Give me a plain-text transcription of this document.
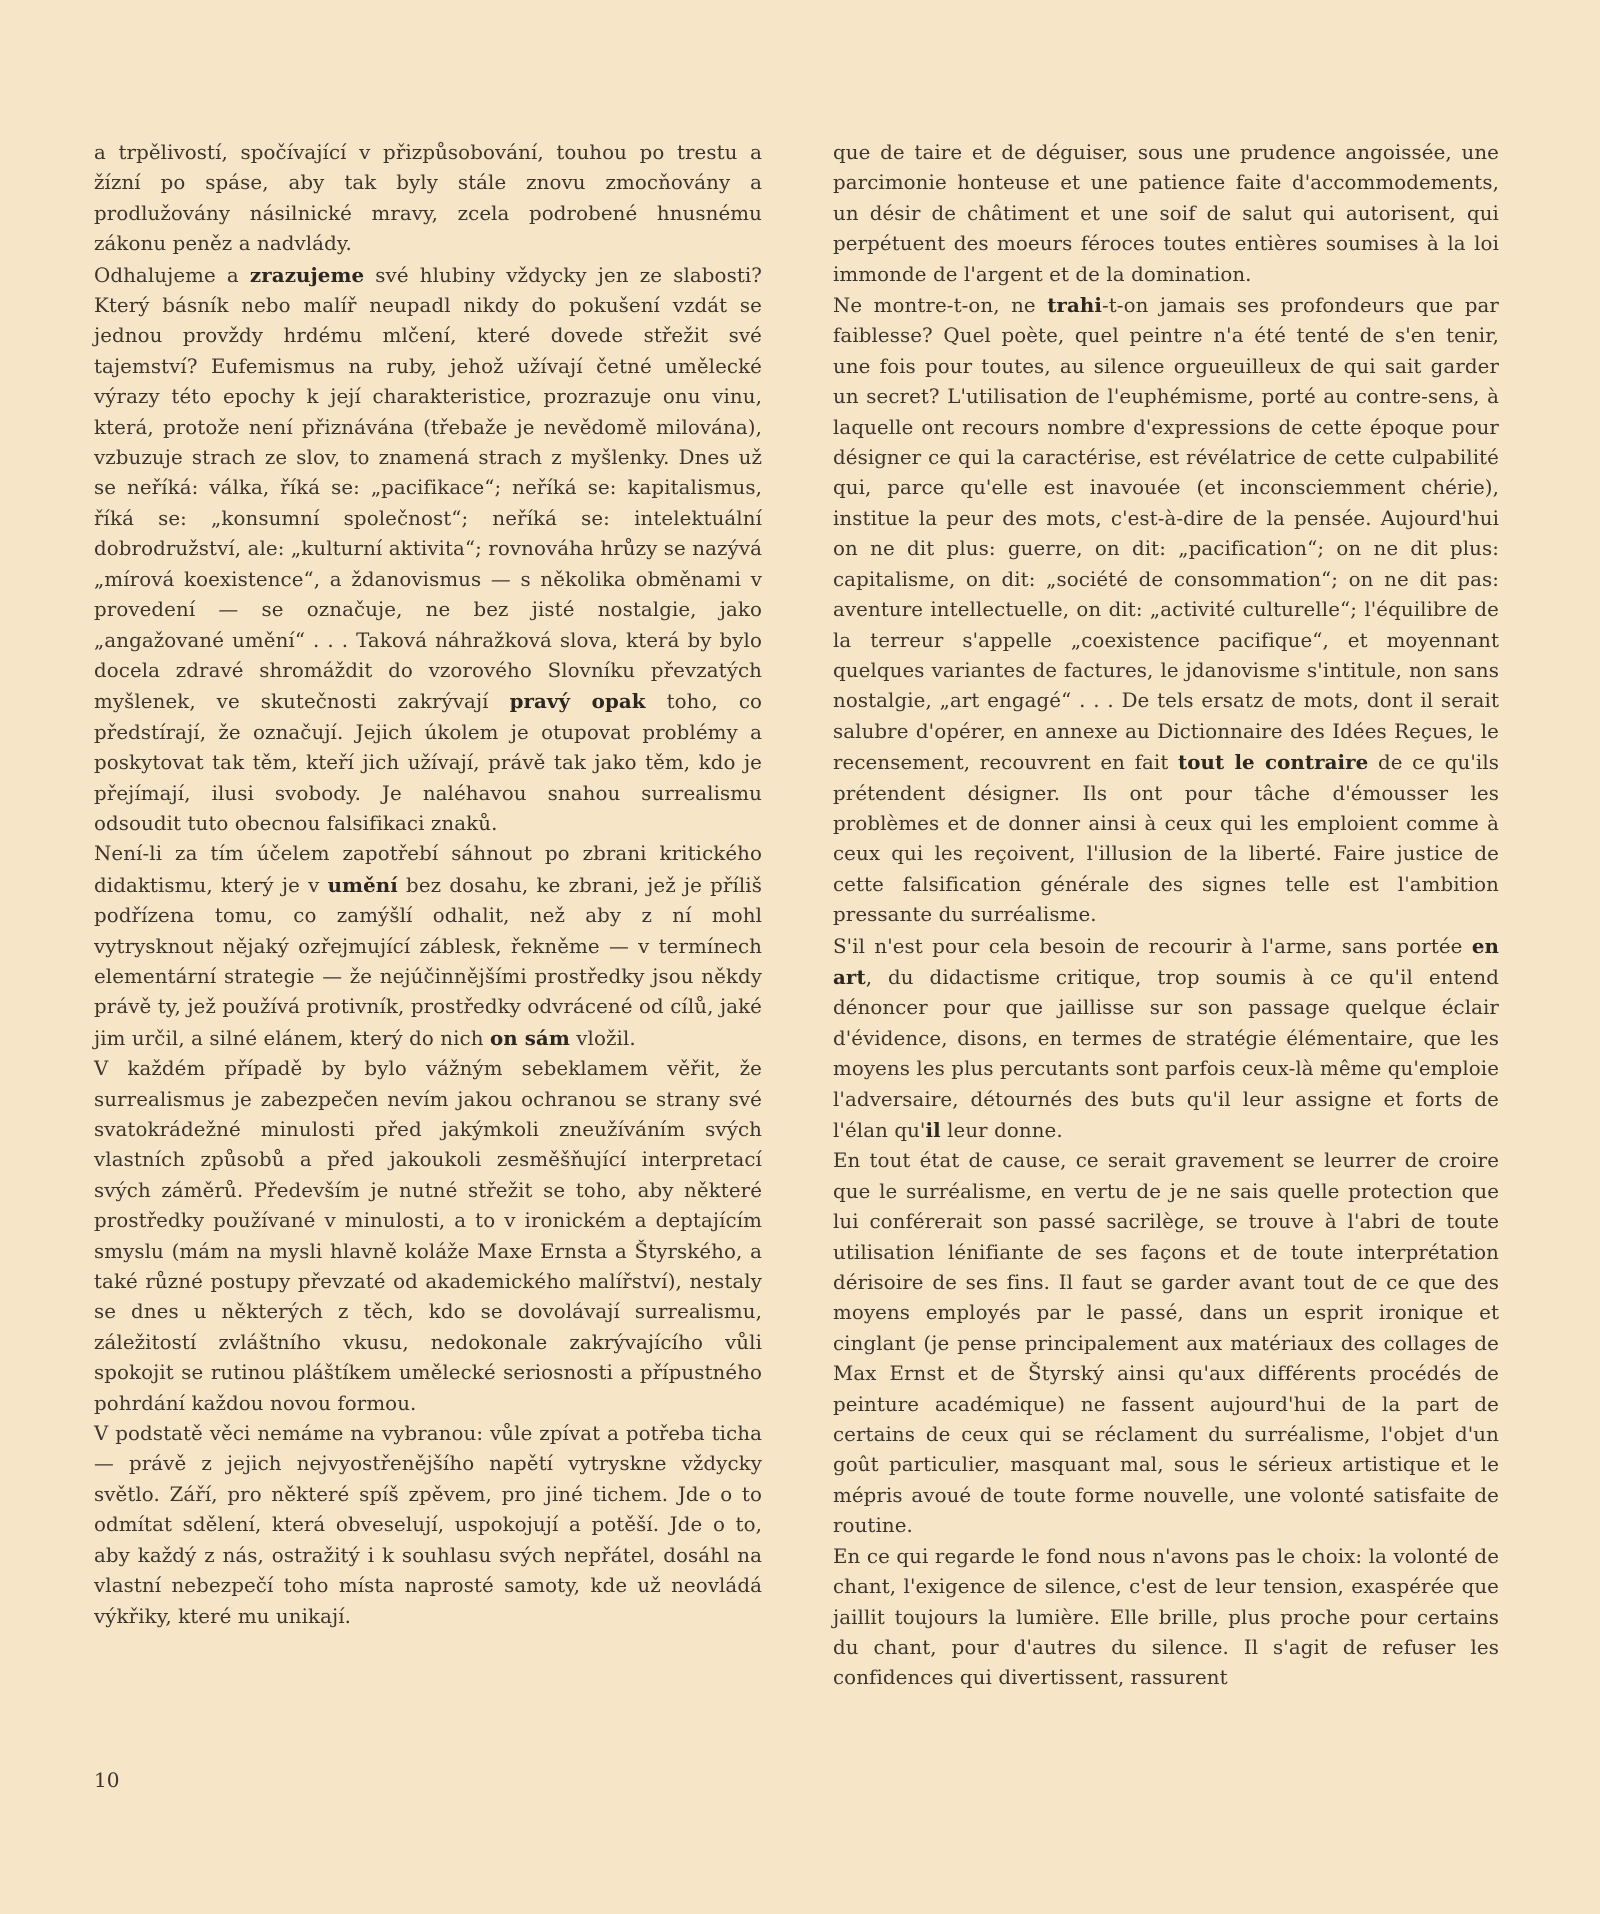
a trpělivostí, spočívající v přizpůsobování, touhou po trestu a žízní po spáse, aby tak byly stále znovu zmocňovány a prodlužovány násilnické mravy, zcela podrobené hnusnému zákonu peněz a nadvlády.

Odhalujeme a zrazujeme své hlubiny vždycky jen ze slabosti? Který básník nebo malíř neupadl nikdy do pokušení vzdát se jednou provždy hrdému mlčení, které dovede střežit své tajemství? Eufemismus na ruby, jehož užívají četné umělecké výrazy této epochy k její charakteristice, prozrazuje onu vinu, která, protože není přiznávána (třebaže je nevědomě milována), vzbuzuje strach ze slov, to znamená strach z myšlenky. Dnes už se neříká: válka, říká se: „pacifikace“; neříká se: kapitalismus, říká se: „konsumní společnost“; neříká se: intelektuální dobrodružství, ale: „kulturní aktivita“; rovnováha hrůzy se nazývá „mírová koexistence“, a ždanovismus — s několika obměnami v provedení — se označuje, ne bez jisté nostalgie, jako „angažované umění“ . . . Taková náhražková slova, která by bylo docela zdravé shromáždit do vzorového Slovníku převzatých myšlenek, ve skutečnosti zakrývají pravý opak toho, co předstírají, že označují. Jejich úkolem je otupovat problémy a poskytovat tak těm, kteří jich užívají, právě tak jako těm, kdo je přejímají, ilusi svobody. Je naléhavou snahou surrealismu odsoudit tuto obecnou falsifikaci znaků.

Není-li za tím účelem zapotřebí sáhnout po zbrani kritického didaktismu, který je v umění bez dosahu, ke zbrani, jež je příliš podřízena tomu, co zamýšlí odhalit, než aby z ní mohl vytrysknout nějaký ozřejmující záblesk, řekněme — v termínech elementární strategie — že nejúčinnějšími prostředky jsou někdy právě ty, jež používá protivník, prostředky odvrácené od cílů, jaké jim určil, a silné elánem, který do nich on sám vložil.

V každém případě by bylo vážným sebeklamem věřit, že surrealismus je zabezpečen nevím jakou ochranou se strany své svatokrádežné minulosti před jakýmkoli zneužíváním svých vlastních způsobů a před jakoukoli zesměšňující interpretací svých záměrů. Především je nutné střežit se toho, aby některé prostředky používané v minulosti, a to v ironickém a deptajícím smyslu (mám na mysli hlavně koláže Maxe Ernsta a Štyrského, a také různé postupy převzaté od akademického malířství), nestaly se dnes u některých z těch, kdo se dovolávají surrealismu, záležitostí zvláštního vkusu, nedokonale zakrývajícího vůli spokojit se rutinou pláštíkem umělecké seriosnosti a přípustného pohrdání každou novou formou.

V podstatě věci nemáme na vybranou: vůle zpívat a potřeba ticha — právě z jejich nejvyostřenějšího napětí vytryskne vždycky světlo. Září, pro některé spíš zpěvem, pro jiné tichem. Jde o to odmítat sdělení, která obveselují, uspokojují a potěší. Jde o to, aby každý z nás, ostražitý i k souhlasu svých nepřátel, dosáhl na vlastní nebezpečí toho místa naprosté samoty, kde už neovládá výkřiky, které mu unikají.

que de taire et de déguiser, sous une prudence angoissée, une parcimonie honteuse et une patience faite d'accommodements, un désir de châtiment et une soif de salut qui autorisent, qui perpétuent des moeurs féroces toutes entières soumises à la loi immonde de l'argent et de la domination.

Ne montre-t-on, ne trahi-t-on jamais ses profondeurs que par faiblesse? Quel poète, quel peintre n'a été tenté de s'en tenir, une fois pour toutes, au silence orgueuilleux de qui sait garder un secret? L'utilisation de l'euphémisme, porté au contre-sens, à laquelle ont recours nombre d'expressions de cette époque pour désigner ce qui la caractérise, est révélatrice de cette culpabilité qui, parce qu'elle est inavouée (et inconsciemment chérie), institue la peur des mots, c'est-à-dire de la pensée. Aujourd'hui on ne dit plus: guerre, on dit: „pacification“; on ne dit plus: capitalisme, on dit: „société de consommation“; on ne dit pas: aventure intellectuelle, on dit: „activité culturelle“; l'équilibre de la terreur s'appelle „coexistence pacifique“, et moyennant quelques variantes de factures, le jdanovisme s'intitule, non sans nostalgie, „art engagé“ . . . De tels ersatz de mots, dont il serait salubre d'opérer, en annexe au Dictionnaire des Idées Reçues, le recensement, recouvrent en fait tout le contraire de ce qu'ils prétendent désigner. Ils ont pour tâche d'émousser les problèmes et de donner ainsi à ceux qui les emploient comme à ceux qui les reçoivent, l'illusion de la liberté. Faire justice de cette falsification générale des signes telle est l'ambition pressante du surréalisme.

S'il n'est pour cela besoin de recourir à l'arme, sans portée en art, du didactisme critique, trop soumis à ce qu'il entend dénoncer pour que jaillisse sur son passage quelque éclair d'évidence, disons, en termes de stratégie élémentaire, que les moyens les plus percutants sont parfois ceux-là même qu'emploie l'adversaire, détournés des buts qu'il leur assigne et forts de l'élan qu'il leur donne.

En tout état de cause, ce serait gravement se leurrer de croire que le surréalisme, en vertu de je ne sais quelle protection que lui conférerait son passé sacrilège, se trouve à l'abri de toute utilisation lénifiante de ses façons et de toute interprétation dérisoire de ses fins. Il faut se garder avant tout de ce que des moyens employés par le passé, dans un esprit ironique et cinglant (je pense principalement aux matériaux des collages de Max Ernst et de Štyrský ainsi qu'aux différents procédés de peinture académique) ne fassent aujourd'hui de la part de certains de ceux qui se réclament du surréalisme, l'objet d'un goût particulier, masquant mal, sous le sérieux artistique et le mépris avoué de toute forme nouvelle, une volonté satisfaite de routine.

En ce qui regarde le fond nous n'avons pas le choix: la volonté de chant, l'exigence de silence, c'est de leur tension, exaspérée que jaillit toujours la lumière. Elle brille, plus proche pour certains du chant, pour d'autres du silence. Il s'agit de refuser les confidences qui divertissent, rassurent

10
